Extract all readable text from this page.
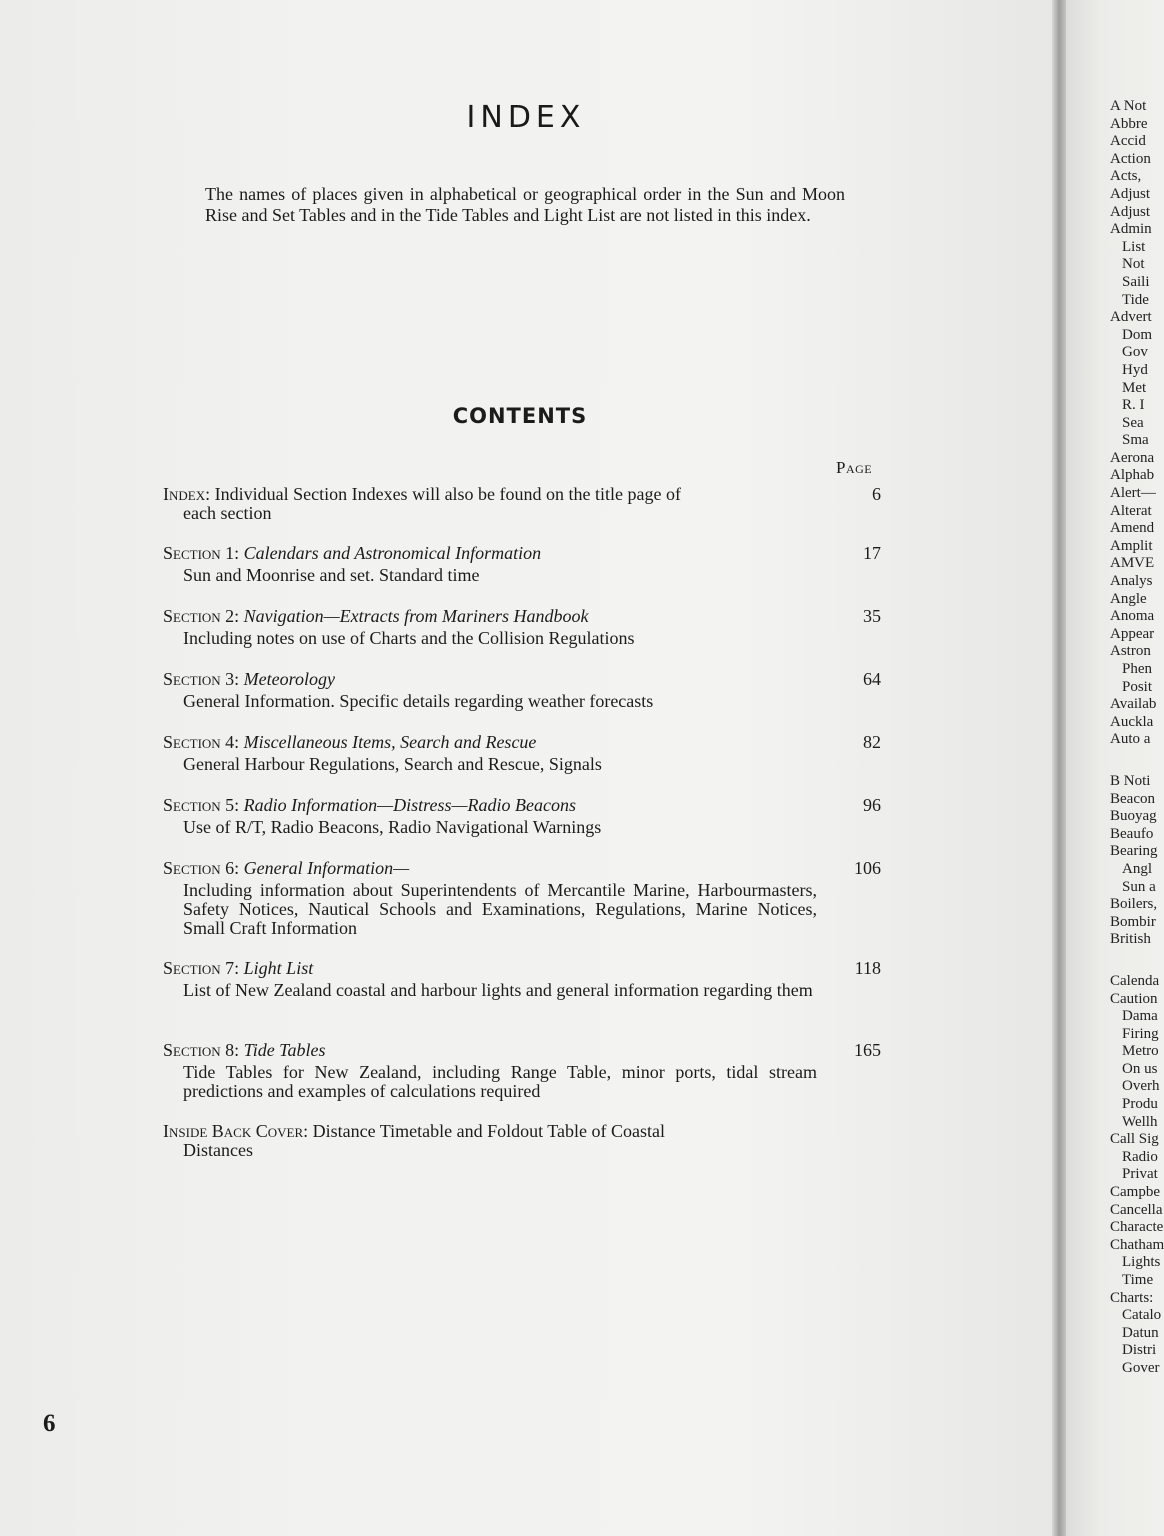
INDEX

The names of places given in alphabetical or geographical order in the Sun and Moon Rise and Set Tables and in the Tide Tables and Light List are not listed in this index.

CONTENTS
Page
Index: Individual Section Indexes will also be found on the title page of	6
each section
Section 1: Calendars and Astronomical Information	17
Sun and Moonrise and set. Standard time
Section 2: Navigation—Extracts from Mariners Handbook	35
Including notes on use of Charts and the Collision Regulations
Section 3: Meteorology	64
General Information. Specific details regarding weather forecasts
Section 4: Miscellaneous Items, Search and Rescue	82
General Harbour Regulations, Search and Rescue, Signals
Section 5: Radio Information—Distress—Radio Beacons	96
Use of R/T, Radio Beacons, Radio Navigational Warnings
Section 6: General Information—	106
Including information about Superintendents of Mercantile Marine, Harbourmasters, Safety Notices, Nautical Schools and Examinations, Regulations, Marine Notices, Small Craft Information
Section 7: Light List	118
List of New Zealand coastal and harbour lights and general information regarding them
Section 8: Tide Tables	165
Tide Tables for New Zealand, including Range Table, minor ports, tidal stream predictions and examples of calculations required
Inside Back Cover: Distance Timetable and Foldout Table of Coastal
Distances
6
A Not
Abbre
Accid
Action
Acts,
Adjust
Adjust
Admin
List
Not
Saili
Tide
Advert
Dom
Gov
Hyd
Met
R. I
Sea
Sma
Aerona
Alphab
Alert—
Alterat
Amend
Amplit
AMVE
Analys
Angle
Anoma
Appear
Astron
Phen
Posit
Availab
Auckla
Auto a
B Noti
Beacon
Buoyag
Beaufo
Bearing
Angl
Sun a
Boilers,
Bombir
British
Calenda
Caution
Dama
Firing
Metro
On us
Overh
Produ
Wellh
Call Sig
Radio
Privat
Campbe
Cancella
Characte
Chatham
Lights
Time
Charts:
Catalo
Datun
Distri
Gover
